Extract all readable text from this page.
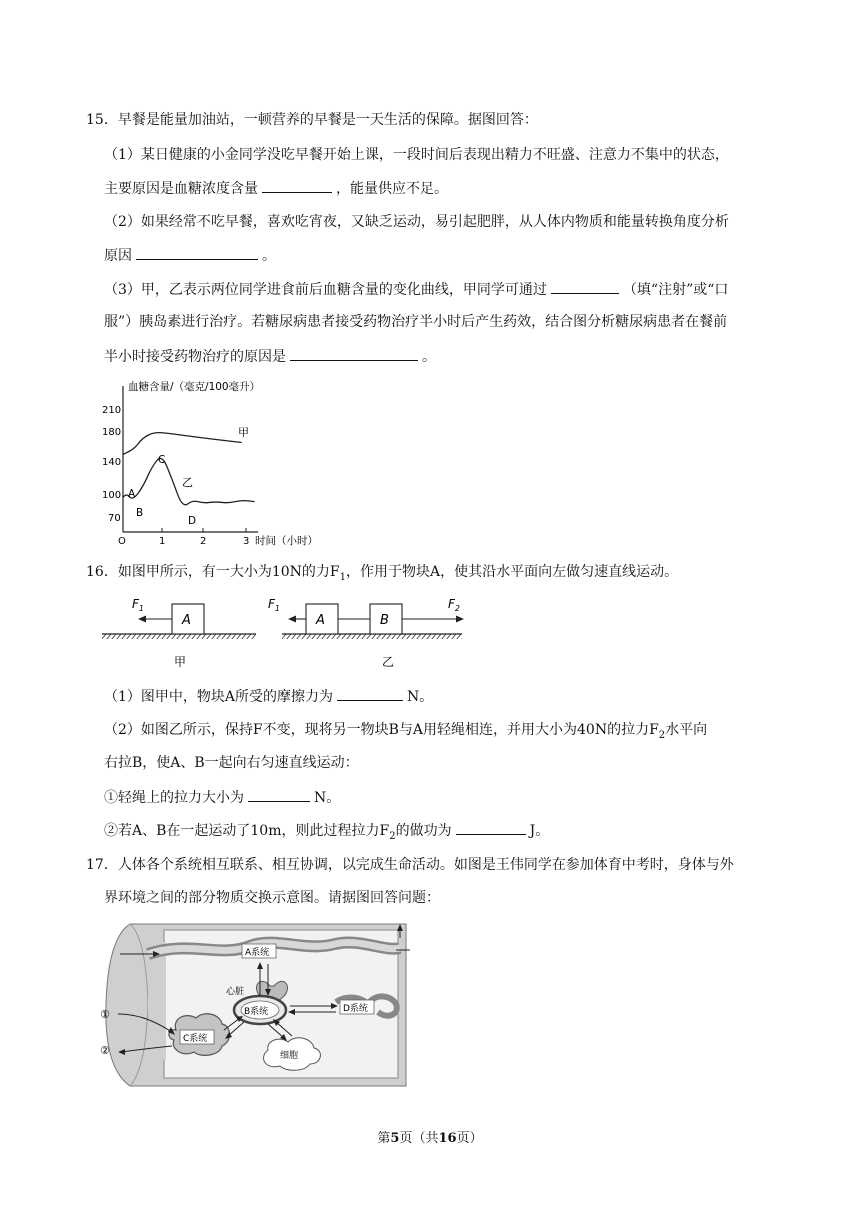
15．早餐是能量加油站，一顿营养的早餐是一天生活的保障。据图回答：
（1）某日健康的小金同学没吃早餐开始上课，一段时间后表现出精力不旺盛、注意力不集中的状态，
主要原因是血糖浓度含量	，能量供应不足。
（2）如果经常不吃早餐，喜欢吃宵夜，又缺乏运动，易引起肥胖，从人体内物质和能量转换角度分析
原因	。
（3）甲，乙表示两位同学进食前后血糖含量的变化曲线，甲同学可通过	（填“注射”或“口
服”）胰岛素进行治疗。若糖尿病患者接受药物治疗半小时后产生药效，结合图分析糖尿病患者在餐前
半小时接受药物治疗的原因是	。
血糖含量/（毫克/100毫升）
时间（小时）
210
180
140
100
70
O	1	2	3
甲
乙
A
B
C
D
16．如图甲所示，有一大小为10N的力$F_1$，作用于物块A，使其沿水平面向左做匀速直线运动。
A
$F_1$
甲
A	B
$F_1$	$F_2$
乙
（1）图甲中，物块A所受的摩擦力为	N。
（2）如图乙所示，保持F不变，现将另一物块B与A用轻绳相连，并用大小为40N的拉力$F_2$水平向
右拉B，使A、B一起向右匀速直线运动：
①轻绳上的拉力大小为	N。
②若A、B在一起运动了10m，则此过程拉力$F_2$的做功为	J。
17．人体各个系统相互联系、相互协调，以完成生命活动。如图是王伟同学在参加体育中考时，身体与外
界环境之间的部分物质交换示意图。请据图回答问题：
A系统
心脏
B系统	D系统
C系统
细胞
①
②
第5页（共16页）
